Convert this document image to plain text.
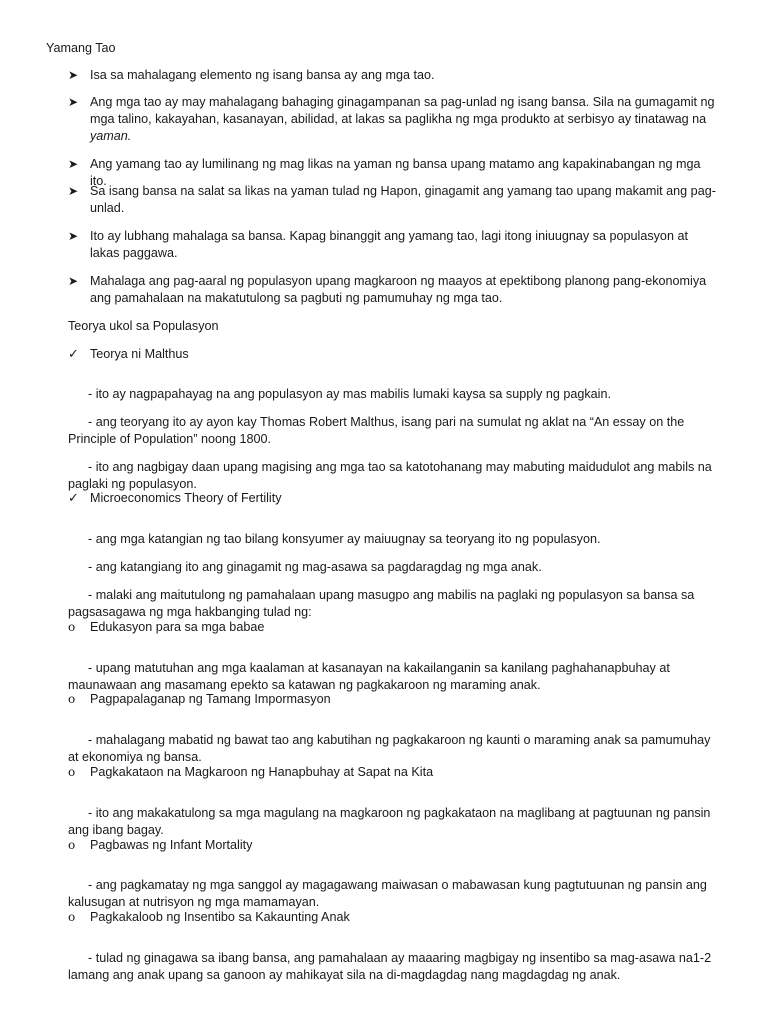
Yamang Tao
➤ Isa sa mahalagang elemento ng isang bansa ay ang mga tao.
➤ Ang mga tao ay may mahalagang bahaging ginagampanan sa pag-unlad ng isang bansa. Sila na gumagamit ng mga talino, kakayahan, kasanayan, abilidad, at lakas sa paglikha ng mga produkto at serbisyo ay tinatawag na yaman.
➤ Ang yamang tao ay lumilinang ng mag likas na yaman ng bansa upang matamo ang kapakinabangan ng mga ito.
➤ Sa isang bansa na salat sa likas na yaman tulad ng Hapon, ginagamit ang yamang tao upang makamit ang pag-unlad.
➤ Ito ay lubhang mahalaga sa bansa. Kapag binanggit ang yamang tao, lagi itong iniuugnay sa populasyon at lakas paggawa.
➤ Mahalaga ang pag-aaral ng populasyon upang magkaroon ng maayos at epektibong planong pang-ekonomiya ang pamahalaan na makatutulong sa pagbuti ng pamumuhay ng mga tao.
Teorya ukol sa Populasyon
✓ Teorya ni Malthus

- ito ay nagpapahayag na ang populasyon ay mas mabilis lumaki kaysa sa supply ng pagkain.

- ang teoryang ito ay ayon kay Thomas Robert Malthus, isang pari na sumulat ng aklat na “An essay on the Principle of Population” noong 1800.

- ito ang nagbigay daan upang magising ang mga tao sa katotohanang may mabuting maidudulot ang mabils na paglaki ng populasyon.

✓ Microeconomics Theory of Fertility

- ang mga katangian ng tao bilang konsyumer ay maiuugnay sa teoryang ito ng populasyon.

- ang katangiang ito ang ginagamit ng mag-asawa sa pagdaragdag ng mga anak.

- malaki ang maitutulong ng pamahalaan upang masugpo ang mabilis na paglaki ng populasyon sa bansa sa pagsasagawa ng mga hakbanging tulad ng:

ο Edukasyon para sa mga babae

- upang matutuhan ang mga kaalaman at kasanayan na kakailanganin sa kanilang paghahanapbuhay at maunawaan ang masamang epekto sa katawan ng pagkakaroon ng maraming anak.

ο Pagpapalaganap ng Tamang Impormasyon

- mahalagang mabatid ng bawat tao ang kabutihan ng pagkakaroon ng kaunti o maraming anak sa pamumuhay at ekonomiya ng bansa.

ο Pagkakataon na Magkaroon ng Hanapbuhay at Sapat na Kita

- ito ang makakatulong sa mga magulang na magkaroon ng pagkakataon na maglibang at pagtuunan ng pansin ang ibang bagay.

ο Pagbawas ng Infant Mortality

- ang pagkamatay ng mga sanggol ay magagawang maiwasan o mabawasan kung pagtutuunan ng pansin ang kalusugan at nutrisyon ng mga mamamayan.

ο Pagkakaloob ng Insentibo sa Kakaunting Anak

- tulad ng ginagawa sa ibang bansa, ang pamahalaan ay maaaring magbigay ng insentibo sa mag-asawa na1-2 lamang ang anak upang sa ganoon ay mahikayat sila na di-magdagdag nang magdagdag ng anak.
